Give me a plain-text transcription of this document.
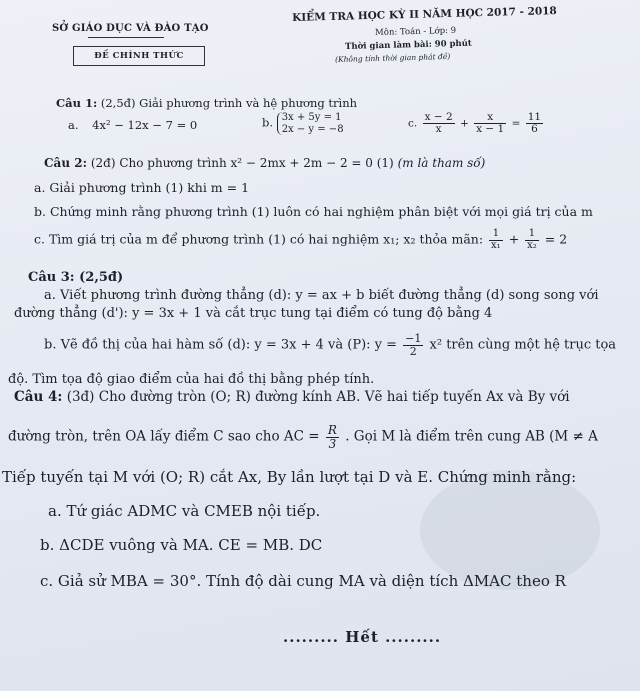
SỞ GIÁO DỤC VÀ ĐÀO TẠO
ĐỀ CHÍNH THỨC
KIỂM TRA HỌC KỲ II NĂM HỌC 2017 - 2018
Môn: Toán - Lớp: 9
Thời gian làm bài: 90 phút
(Không tính thời gian phát đề)
Câu 1: (2,5đ) Giải phương trình và hệ phương trình
a. 4x² − 12x − 7 = 0	b. 3x + 5y = 1
2x − y = −8	c. $\frac{x - 2}{x} + \frac{x}{x - 1} = \frac{11}{6}$
Câu 2: (2đ) Cho phương trình x² − 2mx + 2m − 2 = 0 (1) (m là tham số)
a. Giải phương trình (1) khi m = 1
b. Chứng minh rằng phương trình (1) luôn có hai nghiệm phân biệt với mọi giá trị của m
c. Tìm giá trị của m để phương trình (1) có hai nghiệm x₁; x₂ thỏa mãn: $\frac{1}{\text{x₁}} + \frac{1}{\text{x₂}} = 2$
Câu 3: (2,5đ)
a. Viết phương trình đường thẳng (d): y = ax + b biết đường thẳng (d) song song với
đường thẳng (d'): y = 3x + 1 và cắt trục tung tại điểm có tung độ bằng 4
b. Vẽ đồ thị của hai hàm số (d): y = 3x + 4 và (P): $y = \frac{-1}{2} x^2$ trên cùng một hệ trục tọa
độ. Tìm tọa độ giao điểm của hai đồ thị bằng phép tính.
Câu 4: (3đ) Cho đường tròn (O; R) đường kính AB. Vẽ hai tiếp tuyến Ax và By với
đường tròn, trên OA lấy điểm C sao cho AC = $\frac{R}{3}$ . Gọi M là điểm trên cung AB (M ≠ A
Tiếp tuyến tại M với (O; R) cắt Ax, By lần lượt tại D và E. Chứng minh rằng:
a. Tứ giác ADMC và CMEB nội tiếp.
b. ΔCDE vuông và MA. CE = MB. DC
c. Giả sử MBA = 30°. Tính độ dài cung MA và diện tích ΔMAC theo R
......... Hết .........
